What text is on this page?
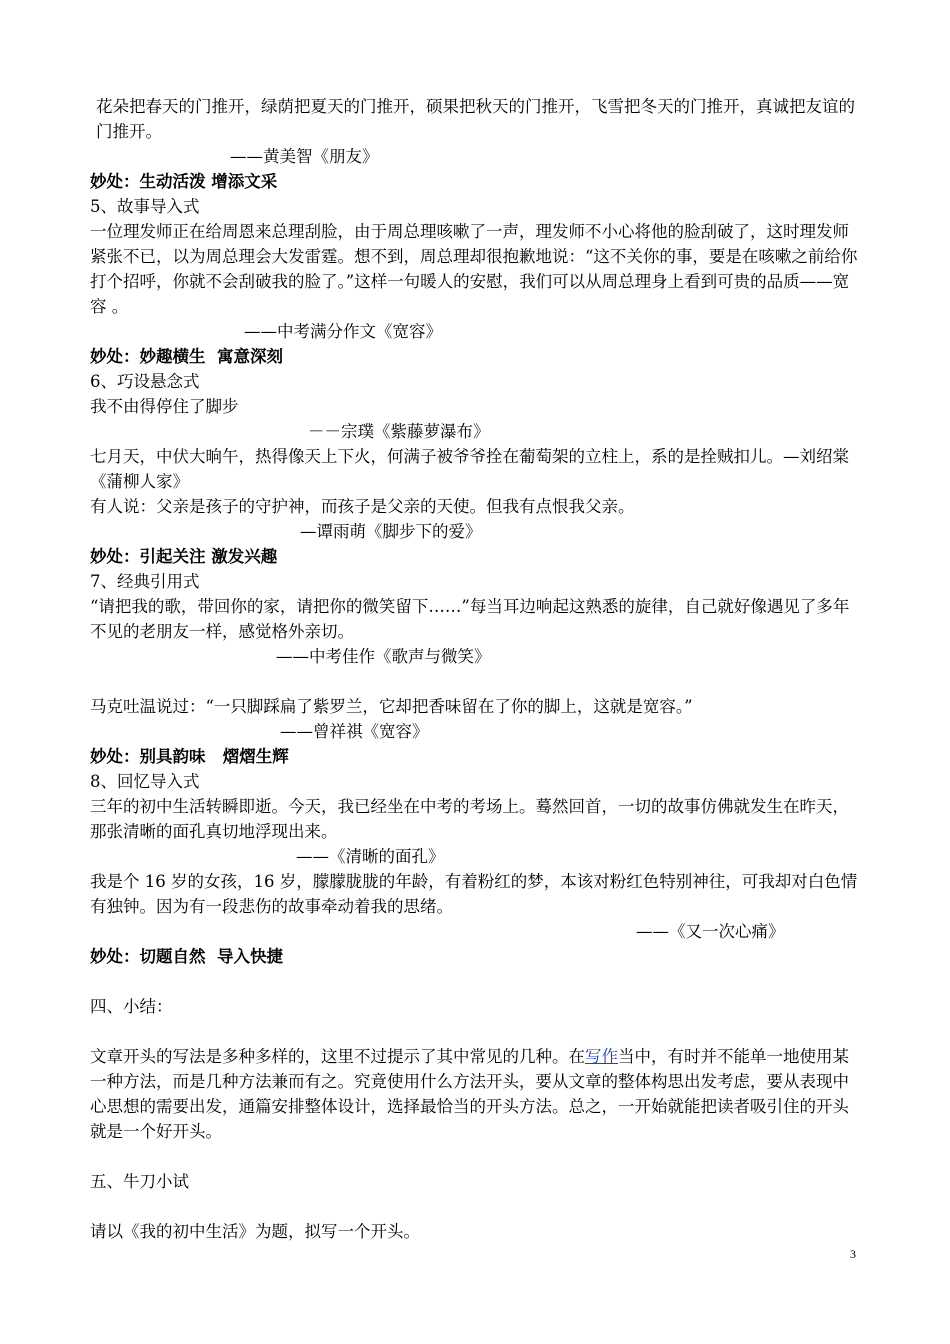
花朵把春天的门推开，绿荫把夏天的门推开，硕果把秋天的门推开，飞雪把冬天的门推开，真诚把友谊的门推开。
——黄美智《朋友》
妙处：生动活泼 增添文采
5、故事导入式
一位理发师正在给周恩来总理刮脸，由于周总理咳嗽了一声，理发师不小心将他的脸刮破了，这时理发师紧张不已，以为周总理会大发雷霆。想不到，周总理却很抱歉地说：“这不关你的事，要是在咳嗽之前给你打个招呼，你就不会刮破我的脸了。”这样一句暖人的安慰，我们可以从周总理身上看到可贵的品质——宽容 。
——中考满分作文《宽容》
妙处：妙趣横生  寓意深刻
6、巧设悬念式
我不由得停住了脚步
－－宗璞《紫藤萝瀑布》
七月天，中伏大晌午，热得像天上下火，何满子被爷爷拴在葡萄架的立柱上，系的是拴贼扣儿。—刘绍棠《蒲柳人家》
有人说：父亲是孩子的守护神，而孩子是父亲的天使。但我有点恨我父亲。
—谭雨萌《脚步下的爱》
妙处：引起关注 激发兴趣
7、经典引用式
“请把我的歌，带回你的家，请把你的微笑留下……”每当耳边响起这熟悉的旋律，自己就好像遇见了多年不见的老朋友一样，感觉格外亲切。
——中考佳作《歌声与微笑》
马克吐温说过：“一只脚踩扁了紫罗兰，它却把香味留在了你的脚上，这就是宽容。”
——曾祥祺《宽容》
妙处：别具韵味   熠熠生辉
8、回忆导入式
三年的初中生活转瞬即逝。今天，我已经坐在中考的考场上。蓦然回首，一切的故事仿佛就发生在昨天，那张清晰的面孔真切地浮现出来。
——《清晰的面孔》
我是个 16 岁的女孩，16 岁，朦朦胧胧的年龄，有着粉红的梦，本该对粉红色特别神往，可我却对白色情有独钟。因为有一段悲伤的故事牵动着我的思绪。
——《又一次心痛》
妙处：切题自然  导入快捷
四、小结：
文章开头的写法是多种多样的，这里不过提示了其中常见的几种。在写作当中，有时并不能单一地使用某一种方法，而是几种方法兼而有之。究竟使用什么方法开头，要从文章的整体构思出发考虑，要从表现中心思想的需要出发，通篇安排整体设计，选择最恰当的开头方法。总之，一开始就能把读者吸引住的开头就是一个好开头。
五、牛刀小试
请以《我的初中生活》为题，拟写一个开头。
3
